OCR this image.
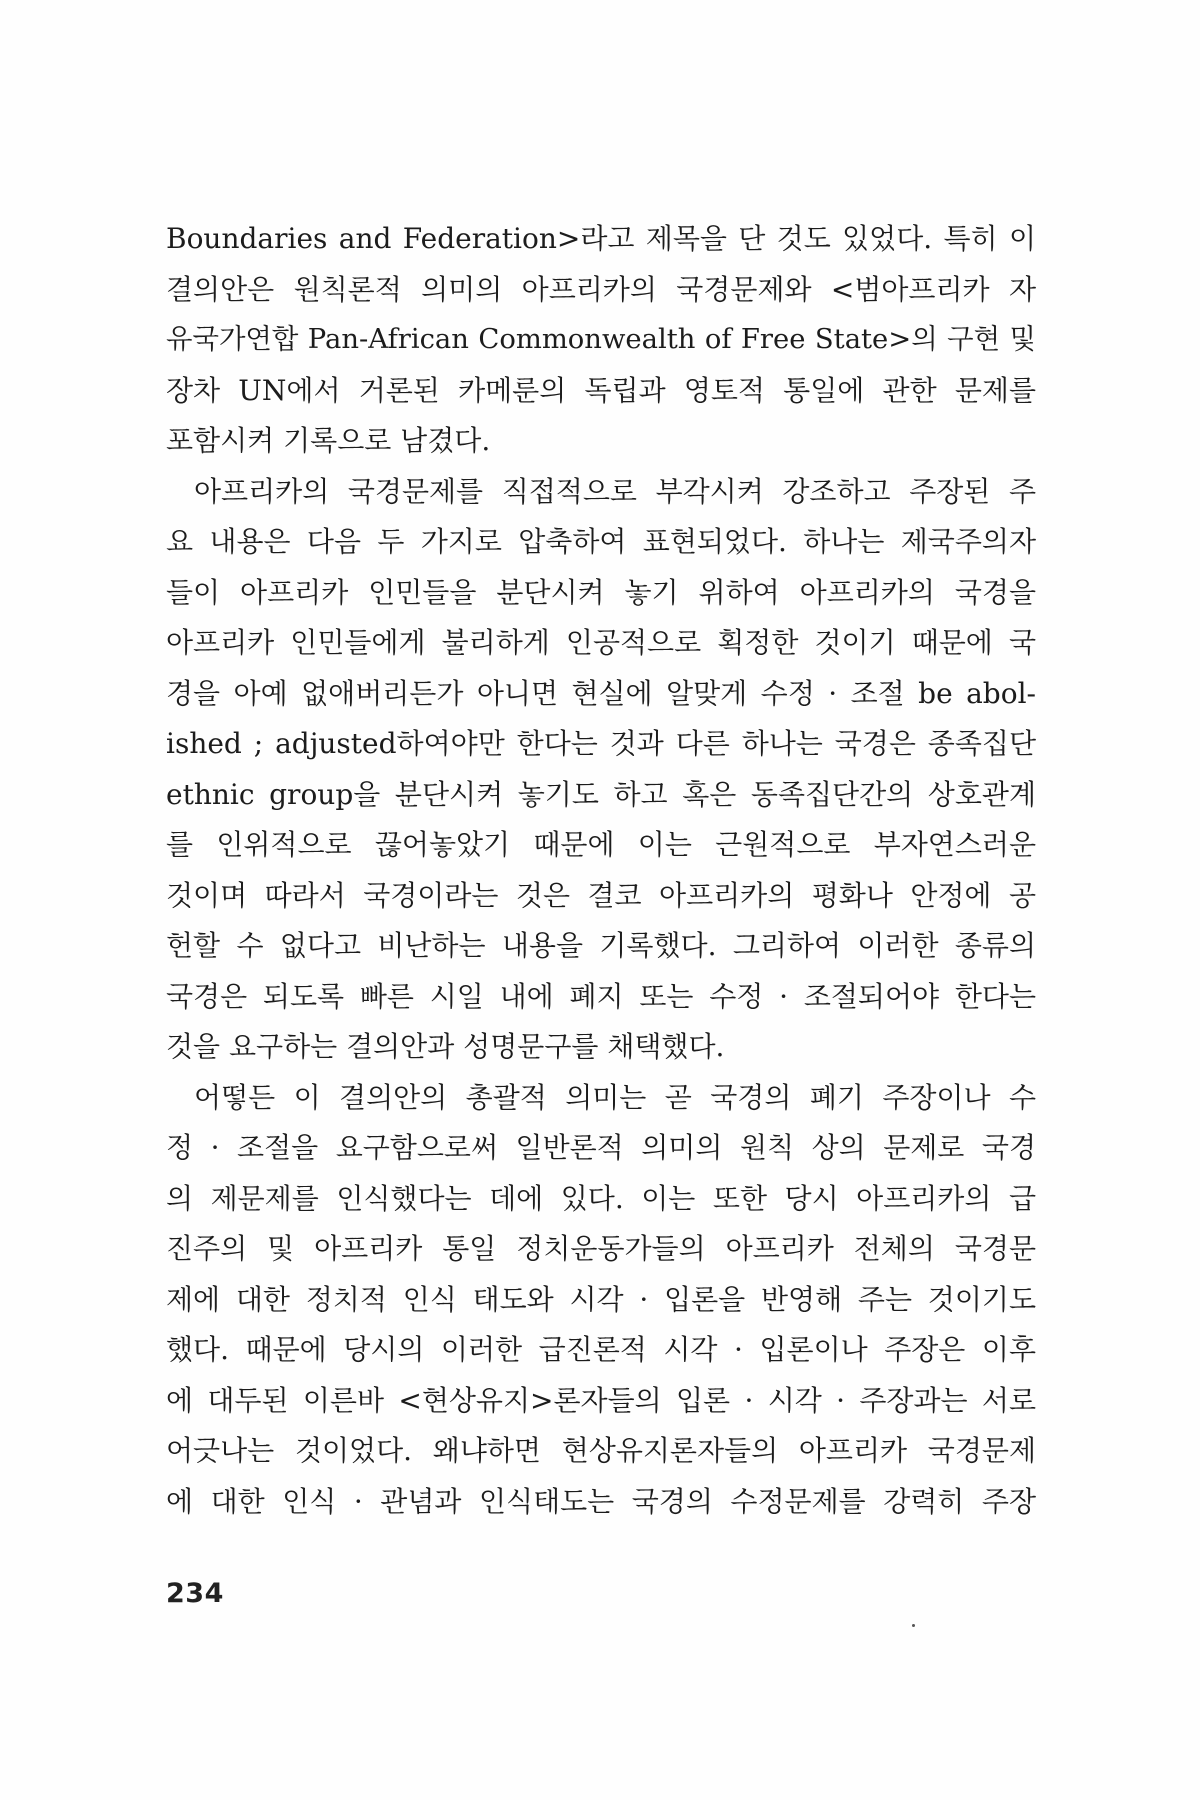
Boundaries and Federation>라고 제목을 단 것도 있었다. 특히 이
결의안은 원칙론적 의미의 아프리카의 국경문제와 <범아프리카 자
유국가연합 Pan-African Commonwealth of Free State>의 구현 및
장차 UN에서 거론된 카메룬의 독립과 영토적 통일에 관한 문제를
포함시켜 기록으로 남겼다.
아프리카의 국경문제를 직접적으로 부각시켜 강조하고 주장된 주
요 내용은 다음 두 가지로 압축하여 표현되었다. 하나는 제국주의자
들이 아프리카 인민들을 분단시켜 놓기 위하여 아프리카의 국경을
아프리카 인민들에게 불리하게 인공적으로 획정한 것이기 때문에 국
경을 아예 없애버리든가 아니면 현실에 알맞게 수정 · 조절 be abol-
ished ; adjusted하여야만 한다는 것과 다른 하나는 국경은 종족집단
ethnic group을 분단시켜 놓기도 하고 혹은 동족집단간의 상호관계
를 인위적으로 끊어놓았기 때문에 이는 근원적으로 부자연스러운
것이며 따라서 국경이라는 것은 결코 아프리카의 평화나 안정에 공
헌할 수 없다고 비난하는 내용을 기록했다. 그리하여 이러한 종류의
국경은 되도록 빠른 시일 내에 폐지 또는 수정 · 조절되어야 한다는
것을 요구하는 결의안과 성명문구를 채택했다.
어떻든 이 결의안의 총괄적 의미는 곧 국경의 폐기 주장이나 수
정 · 조절을 요구함으로써 일반론적 의미의 원칙 상의 문제로 국경
의 제문제를 인식했다는 데에 있다. 이는 또한 당시 아프리카의 급
진주의 및 아프리카 통일 정치운동가들의 아프리카 전체의 국경문
제에 대한 정치적 인식 태도와 시각 · 입론을 반영해 주는 것이기도
했다. 때문에 당시의 이러한 급진론적 시각 · 입론이나 주장은 이후
에 대두된 이른바 <현상유지>론자들의 입론 · 시각 · 주장과는 서로
어긋나는 것이었다. 왜냐하면 현상유지론자들의 아프리카 국경문제
에 대한 인식 · 관념과 인식태도는 국경의 수정문제를 강력히 주장
234
